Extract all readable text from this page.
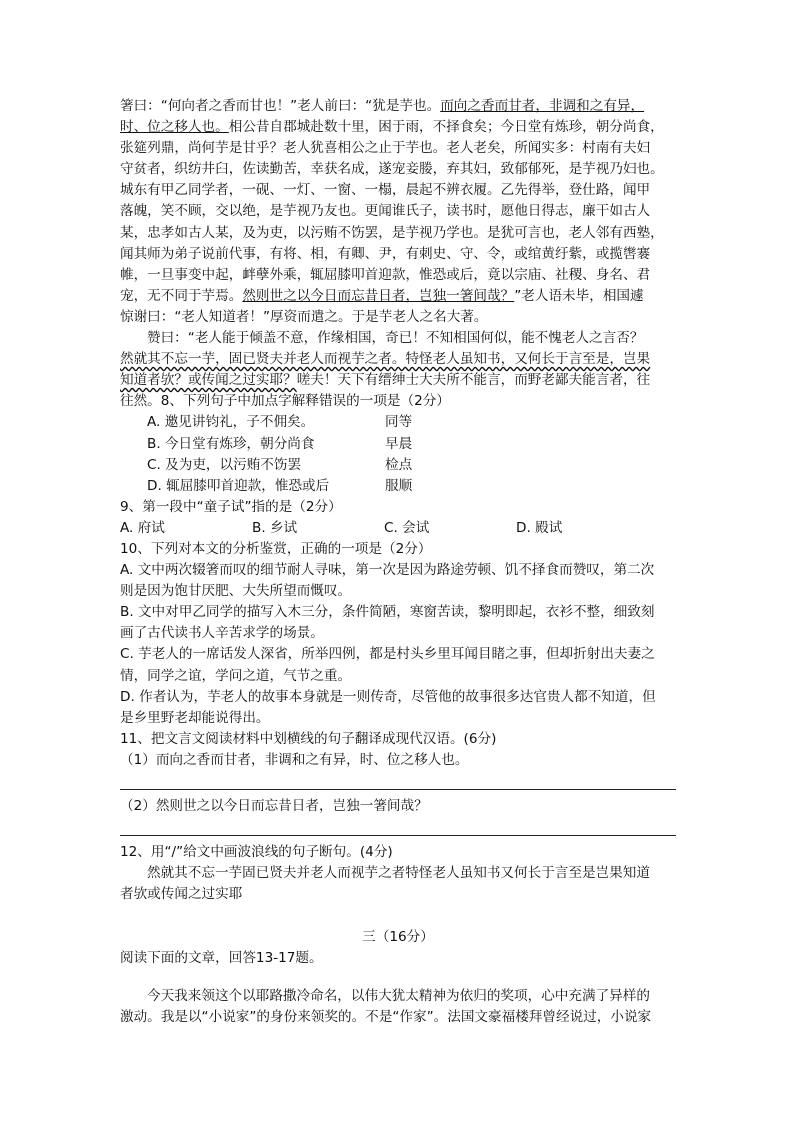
箸曰：“何向者之香而甘也！”老人前曰：“犹是芋也。而向之香而甘者，非调和之有异，

时、位之移人也。相公昔自郡城赴数十里，困于雨，不择食矣；今日堂有炼珍，朝分尚食，

张筵列鼎，尚何芋是甘乎？老人犹喜相公之止于芋也。老人老矣，所闻实多：村南有夫妇

守贫者，织纺井臼，佐读勤苦，幸获名成，遂宠妾媵，弃其妇，致郁郁死，是芋视乃妇也。

城东有甲乙同学者，一砚、一灯、一窗、一榻，晨起不辨衣履。乙先得举，登仕路，闻甲

落魄，笑不顾，交以绝，是芋视乃友也。更闻谁氏子，读书时，愿他日得志，廉干如古人

某，忠孝如古人某，及为吏，以污贿不饬罢，是芋视乃学也。是犹可言也，老人邻有西塾，

闻其师为弟子说前代事，有将、相，有卿、尹，有刺史、守、令，或绾黄纡紫，或揽辔褰

帷，一旦事变中起，衅孽外乘，辄屈膝叩首迎款，惟恐或后，竟以宗庙、社稷、身名、君

宠，无不同于芋焉。然则世之以今日而忘昔日者，岂独一箸间哉？”老人语未毕，相国遽

惊谢曰：“老人知道者！”厚资而遣之。于是芋老人之名大著。

赞曰：“老人能于倾盖不意，作缘相国，奇已！不知相国何似，能不愧老人之言否？

然就其不忘一芋，固已贤夫并老人而视芋之者。特怪老人虽知书，又何长于言至是，岂果

知道者欤？或传闻之过实耶？嗟夫！天下有缙绅士大夫所不能言，而野老鄙夫能言者，往

往然。8、下列句子中加点字解释错误的一项是（2分）

A. 邀见讲钧礼，子不佣矣。	同等
B. 今日堂有炼珍，朝分尚食	早晨
C. 及为吏，以污贿不饬罢	检点
D. 辄屈膝叩首迎款，惟恐或后	服顺

9、第一段中“童子试”指的是（2分）

A. 府试	B. 乡试	C. 会试	D. 殿试

10、下列对本文的分析鉴赏，正确的一项是（2分）

A. 文中两次辍箸而叹的细节耐人寻味，第一次是因为路途劳顿、饥不择食而赞叹，第二次

则是因为饱甘厌肥、大失所望而慨叹。

B. 文中对甲乙同学的描写入木三分，条件简陋，寒窗苦读，黎明即起，衣衫不整，细致刻

画了古代读书人辛苦求学的场景。

C. 芋老人的一席话发人深省，所举四例，都是村头乡里耳闻目睹之事，但却折射出夫妻之

情，同学之谊，学问之道，气节之重。

D. 作者认为，芋老人的故事本身就是一则传奇，尽管他的故事很多达官贵人都不知道，但

是乡里野老却能说得出。

11、把文言文阅读材料中划横线的句子翻译成现代汉语。(6分)

（1）而向之香而甘者，非调和之有异，时、位之移人也。

（2）然则世之以今日而忘昔日者，岂独一箸间哉？

12、用“/”给文中画波浪线的句子断句。(4分)

然就其不忘一芋固已贤夫并老人而视芋之者特怪老人虽知书又何长于言至是岂果知道

者欤或传闻之过实耶

三（16分）

阅读下面的文章，回答13-17题。

今天我来领这个以耶路撒冷命名，以伟大犹太精神为依归的奖项，心中充满了异样的

激动。我是以“小说家”的身份来领奖的。不是“作家”。法国文豪福楼拜曾经说过，小说家
